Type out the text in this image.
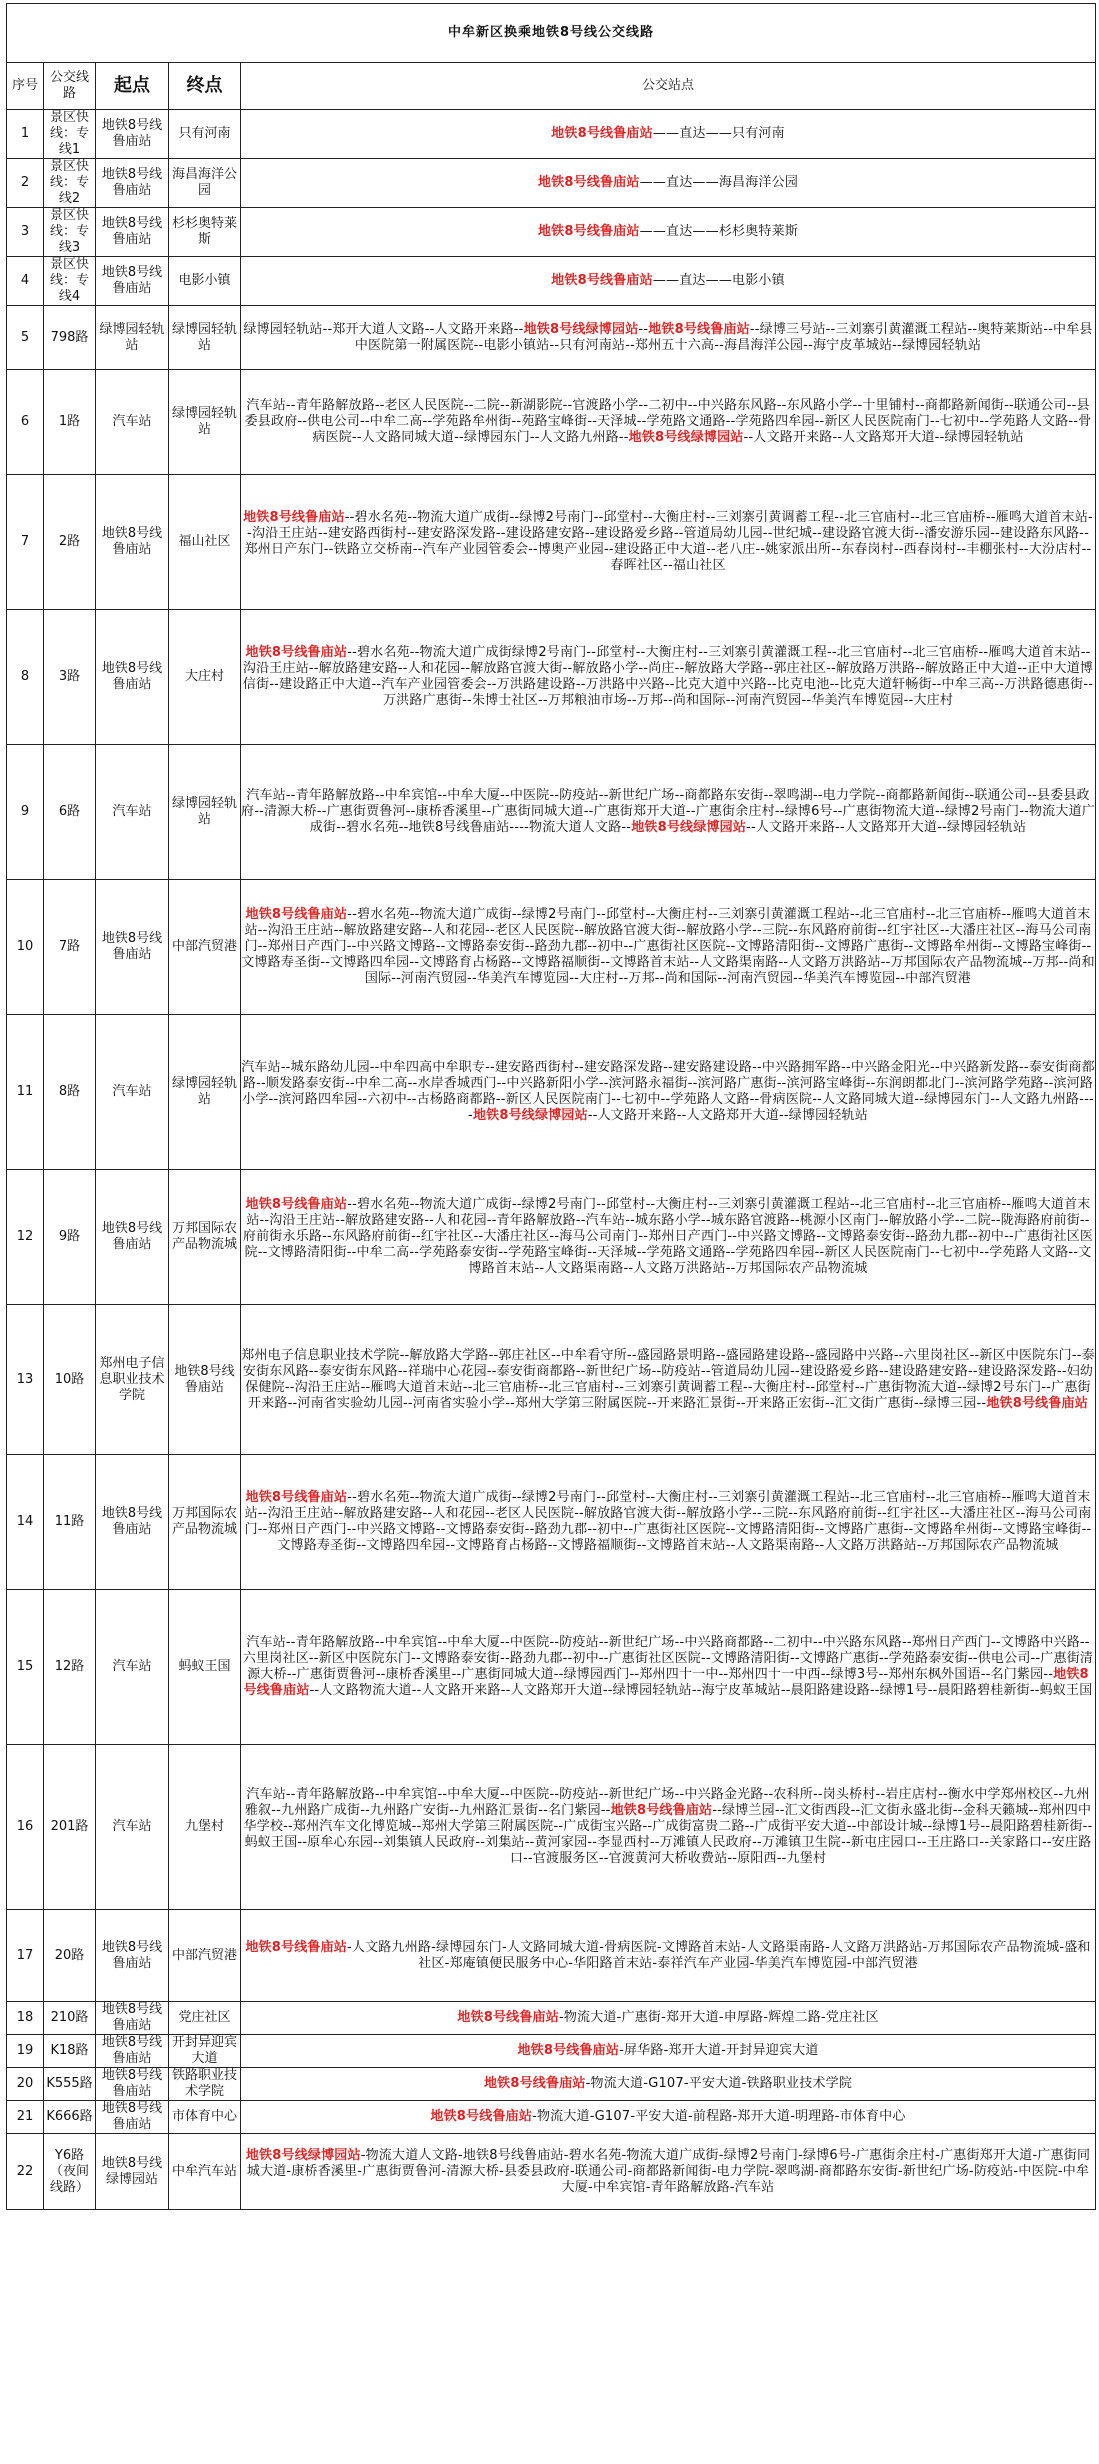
中牟新区换乘地铁8号线公交线路				
序号	公交线路	起点	终点	公交站点
1	景区快线：专线1	地铁8号线鲁庙站	只有河南	地铁8号线鲁庙站——直达——只有河南
2	景区快线：专线2	地铁8号线鲁庙站	海昌海洋公园	地铁8号线鲁庙站——直达——海昌海洋公园
3	景区快线：专线3	地铁8号线鲁庙站	杉杉奥特莱斯	地铁8号线鲁庙站——直达——杉杉奥特莱斯
4	景区快线：专线4	地铁8号线鲁庙站	电影小镇	地铁8号线鲁庙站——直达——电影小镇
5	798路	绿博园轻轨站	绿博园轻轨站	绿博园轻轨站--郑开大道人文路--人文路开来路--地铁8号线绿博园站--地铁8号线鲁庙站--绿博三号站--三刘寨引黄灌溉工程站--奥特莱斯站--中牟县中医院第一附属医院--电影小镇站--只有河南站--郑州五十六高--海昌海洋公园--海宁皮革城站--绿博园轻轨站
6	1路	汽车站	绿博园轻轨站	汽车站--青年路解放路--老区人民医院--二院--新湖影院--官渡路小学--二初中--中兴路东风路--东风路小学--十里铺村--商都路新闻街--联通公司--县委县政府--供电公司--中牟二高--学苑路牟州街--苑路宝峰街--天泽城--学苑路文通路--学苑路四牟园--新区人民医院南门--七初中--学苑路人文路--骨病医院--人文路同城大道--绿博园东门--人文路九州路--地铁8号线绿博园站--人文路开来路--人文路郑开大道--绿博园轻轨站
7	2路	地铁8号线鲁庙站	福山社区	地铁8号线鲁庙站--碧水名苑--物流大道广成街--绿博2号南门--邱堂村--大衡庄村--三刘寨引黄调蓄工程--北三官庙村--北三官庙桥--雁鸣大道首末站--沟沿王庄站--建安路西街村--建安路深发路--建设路建安路--建设路爱乡路--管道局幼儿园--世纪城--建设路官渡大街--潘安游乐园--建设路东风路--郑州日产东门--铁路立交桥南--汽车产业园管委会--博奥产业园--建设路正中大道--老八庄--姚家派出所--东春岗村--西春岗村--丰棚张村--大汾店村--春晖社区--福山社区
8	3路	地铁8号线鲁庙站	大庄村	地铁8号线鲁庙站--碧水名苑--物流大道广成街绿博2号南门--邱堂村--大衡庄村--三刘寨引黄灌溉工程--北三官庙村--北三官庙桥--雁鸣大道首末站--沟沿王庄站--解放路建安路--人和花园--解放路官渡大街--解放路小学--尚庄--解放路大学路--郭庄社区--解放路万洪路--解放路正中大道--正中大道博信街--建设路正中大道--汽车产业园管委会--万洪路建设路--万洪路中兴路--比克大道中兴路--比克电池--比克大道轩畅街--中牟三高--万洪路德惠街--万洪路广惠街--朱博士社区--万邦粮油市场--万邦--尚和国际--河南汽贸园--华美汽车博览园--大庄村
9	6路	汽车站	绿博园轻轨站	汽车站--青年路解放路--中牟宾馆--中牟大厦--中医院--防疫站--新世纪广场--商都路东安街--翠鸣湖--电力学院--商都路新闻街--联通公司--县委县政府--清源大桥--广惠街贾鲁河--康桥香溪里--广惠街同城大道--广惠街郑开大道--广惠街余庄村--绿博6号--广惠街物流大道--绿博2号南门--物流大道广成街--碧水名苑--地铁8号线鲁庙站----物流大道人文路--地铁8号线绿博园站--人文路开来路--人文路郑开大道--绿博园轻轨站
10	7路	地铁8号线鲁庙站	中部汽贸港	地铁8号线鲁庙站--碧水名苑--物流大道广成街--绿博2号南门--邱堂村--大衡庄村--三刘寨引黄灌溉工程站--北三官庙村--北三官庙桥--雁鸣大道首末站--沟沿王庄站--解放路建安路--人和花园--老区人民医院--解放路官渡大街--解放路小学--三院--东风路府前街--红宇社区--大潘庄社区--海马公司南门--郑州日产西门--中兴路文博路--文博路泰安街--路劲九郡--初中--广惠街社区医院--文博路清阳街--文博路广惠街--文博路牟州街--文博路宝峰街--文博路寿圣街--文博路四牟园--文博路育占杨路--文博路福顺街--文博路首末站--人文路渠南路--人文路万洪路站--万邦国际农产品物流城--万邦--尚和国际--河南汽贸园--华美汽车博览园--大庄村--万邦--尚和国际--河南汽贸园--华美汽车博览园--中部汽贸港
11	8路	汽车站	绿博园轻轨站	汽车站--城东路幼儿园--中牟四高中牟职专--建安路西街村--建安路深发路--建安路建设路--中兴路拥军路--中兴路金阳光--中兴路新发路--泰安街商都路--顺发路泰安街--中牟二高--水岸香城西门--中兴路新阳小学--滨河路永福街--滨河路广惠街--滨河路宝峰街--东润朗都北门--滨河路学苑路--滨河路小学--滨河路四牟园--六初中--古杨路商都路--新区人民医院南门--七初中--学苑路人文路--骨病医院--人文路同城大道--绿博园东门--人文路九州路----地铁8号线绿博园站--人文路开来路--人文路郑开大道--绿博园轻轨站
12	9路	地铁8号线鲁庙站	万邦国际农产品物流城	地铁8号线鲁庙站--碧水名苑--物流大道广成街--绿博2号南门--邱堂村--大衡庄村--三刘寨引黄灌溉工程站--北三官庙村--北三官庙桥--雁鸣大道首末站--沟沿王庄站--解放路建安路--人和花园--青年路解放路--汽车站--城东路小学--城东路官渡路--桃源小区南门--解放路小学--二院--陇海路府前街--府前街永乐路--东风路府前街--红宇社区--大潘庄社区--海马公司南门--郑州日产西门--中兴路文博路--文博路泰安街--路劲九郡--初中--广惠街社区医院--文博路清阳街--中牟二高--学苑路泰安街--学苑路宝峰街--天泽城--学苑路文通路--学苑路四牟园--新区人民医院南门--七初中--学苑路人文路--文博路首末站--人文路渠南路--人文路万洪路站--万邦国际农产品物流城
13	10路	郑州电子信息职业技术学院	地铁8号线鲁庙站	郑州电子信息职业技术学院--解放路大学路--郭庄社区--中牟看守所--盛园路景明路--盛园路建设路--盛园路中兴路--六里岗社区--新区中医院东门--泰安街东风路--泰安街东风路--祥瑞中心花园--泰安街商都路--新世纪广场--防疫站--管道局幼儿园--建设路爱乡路--建设路建安路--建设路深发路--妇幼保健院--沟沿王庄站--雁鸣大道首末站--北三官庙桥--北三官庙村--三刘寨引黄调蓄工程--大衡庄村--邱堂村--广惠街物流大道--绿博2号东门--广惠街开来路--河南省实验幼儿园--河南省实验小学--郑州大学第三附属医院--开来路汇景街--开来路正宏街--汇文街广惠街--绿博三园--地铁8号线鲁庙站
14	11路	地铁8号线鲁庙站	万邦国际农产品物流城	地铁8号线鲁庙站--碧水名苑--物流大道广成街--绿博2号南门--邱堂村--大衡庄村--三刘寨引黄灌溉工程站--北三官庙村--北三官庙桥--雁鸣大道首末站--沟沿王庄站--解放路建安路--人和花园--老区人民医院--解放路官渡大街--解放路小学--三院--东风路府前街--红宇社区--大潘庄社区--海马公司南门--郑州日产西门--中兴路文博路--文博路泰安街--路劲九郡--初中--广惠街社区医院--文博路清阳街--文博路广惠街--文博路牟州街--文博路宝峰街--文博路寿圣街--文博路四牟园--文博路育占杨路--文博路福顺街--文博路首末站--人文路渠南路--人文路万洪路站--万邦国际农产品物流城
15	12路	汽车站	蚂蚁王国	汽车站--青年路解放路--中牟宾馆--中牟大厦--中医院--防疫站--新世纪广场--中兴路商都路--二初中--中兴路东风路--郑州日产西门--文博路中兴路--六里岗社区--新区中医院东门--文博路泰安街--路劲九郡--初中--广惠街社区医院--文博路清阳街--文博路广惠街--学苑路泰安街--供电公司--广惠街清源大桥--广惠街贾鲁河--康桥香溪里--广惠街同城大道--绿博园西门--郑州四十一中--郑州四十一中西--绿博3号--郑州东枫外国语--名门紫园--地铁8号线鲁庙站--人文路物流大道--人文路开来路--人文路郑开大道--绿博园轻轨站--海宁皮革城站--晨阳路建设路--绿博1号--晨阳路碧桂新街--蚂蚁王国
16	201路	汽车站	九堡村	汽车站--青年路解放路--中牟宾馆--中牟大厦--中医院--防疫站--新世纪广场--中兴路金光路--农科所--岗头桥村--岩庄店村--衡水中学郑州校区--九州雅叙--九州路广成街--九州路广安街--九州路汇景街--名门紫园--地铁8号线鲁庙站--绿博兰园--汇文街西段--汇文街永盛北街--金科天籁城--郑州四中华学校--郑州汽车文化博览城--郑州大学第三附属医院--广成街宝兴路--广成街富贵二路--广成街平安大道--中部设计城--绿博1号--晨阳路碧桂新街--蚂蚁王国--原牟心东园--刘集镇人民政府--刘集站--黄河家园--李显西村--万滩镇人民政府--万滩镇卫生院--新屯庄园口--王庄路口--关家路口--安庄路口--官渡服务区--官渡黄河大桥收费站--原阳西--九堡村
17	20路	地铁8号线鲁庙站	中部汽贸港	地铁8号线鲁庙站-人文路九州路-绿博园东门-人文路同城大道-骨病医院-文博路首末站-人文路渠南路-人文路万洪路站-万邦国际农产品物流城-盛和社区-郑庵镇便民服务中心-华阳路首末站-泰祥汽车产业园-华美汽车博览园-中部汽贸港
18	210路	地铁8号线鲁庙站	党庄社区	地铁8号线鲁庙站-物流大道-广惠街-郑开大道-申厚路-辉煌二路-党庄社区
19	K18路	地铁8号线鲁庙站	开封异迎宾大道	地铁8号线鲁庙站-屏华路-郑开大道-开封异迎宾大道
20	K555路	地铁8号线鲁庙站	铁路职业技术学院	地铁8号线鲁庙站-物流大道-G107-平安大道-铁路职业技术学院
21	K666路	地铁8号线鲁庙站	市体育中心	地铁8号线鲁庙站-物流大道-G107-平安大道-前程路-郑开大道-明理路-市体育中心
22	Y6路（夜间线路）	地铁8号线绿博园站	中牟汽车站	地铁8号线绿博园站-物流大道人文路-地铁8号线鲁庙站-碧水名苑-物流大道广成街-绿博2号南门-绿博6号-广惠街余庄村-广惠街郑开大道-广惠街同城大道-康桥香溪里-广惠街贾鲁河-清源大桥-县委县政府-联通公司-商都路新闻街-电力学院-翠鸣湖-商都路东安街-新世纪广场-防疫站-中医院-中牟大厦-中牟宾馆-青年路解放路-汽车站
